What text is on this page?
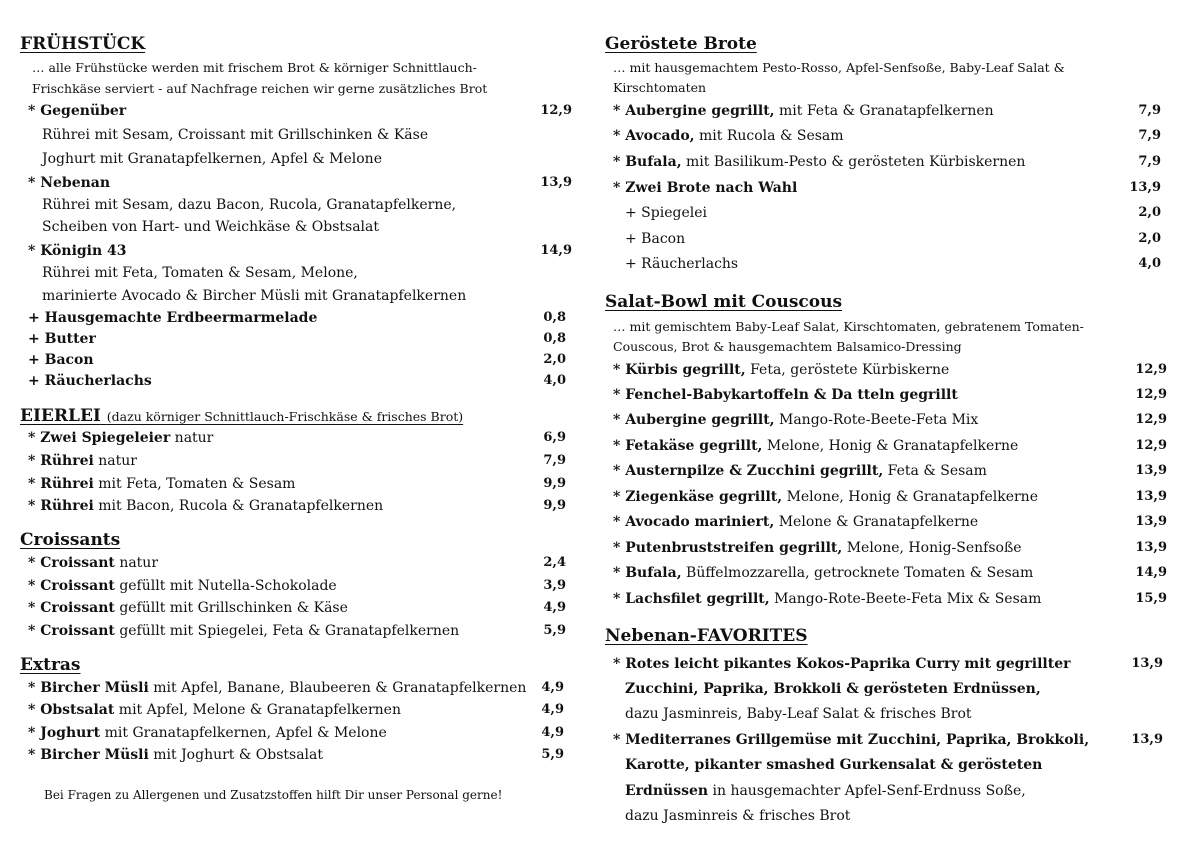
FRÜHSTÜCK
… alle Frühstücke werden mit frischem Brot & körniger Schnittlauch-
Frischkäse serviert - auf Nachfrage reichen wir gerne zusätzliches Brot
* Gegenüber	12,9
Rührei mit Sesam, Croissant mit Grillschinken & Käse
Joghurt mit Granatapfelkernen, Apfel & Melone
* Nebenan	13,9
Rührei mit Sesam, dazu Bacon, Rucola, Granatapfelkerne,
Scheiben von Hart- und Weichkäse & Obstsalat
* Königin 43	14,9
Rührei mit Feta, Tomaten & Sesam, Melone,
marinierte Avocado & Bircher Müsli mit Granatapfelkernen
+ Hausgemachte Erdbeermarmelade	0,8
+ Butter	0,8
+ Bacon	2,0
+ Räucherlachs	4,0
EIERLEI (dazu körniger Schnittlauch-Frischkäse & frisches Brot)
* Zwei Spiegeleier natur	6,9
* Rührei natur	7,9
* Rührei mit Feta, Tomaten & Sesam	9,9
* Rührei mit Bacon, Rucola & Granatapfelkernen	9,9
Croissants
* Croissant natur	2,4
* Croissant gefüllt mit Nutella-Schokolade	3,9
* Croissant gefüllt mit Grillschinken & Käse	4,9
* Croissant gefüllt mit Spiegelei, Feta & Granatapfelkernen	5,9
Extras
* Bircher Müsli mit Apfel, Banane, Blaubeeren & Granatapfelkernen 4,9
* Obstsalat mit Apfel, Melone & Granatapfelkernen	4,9
* Joghurt mit Granatapfelkernen, Apfel & Melone	4,9
* Bircher Müsli mit Joghurt & Obstsalat	5,9
Bei Fragen zu Allergenen und Zusatzstoffen hilft Dir unser Personal gerne!
Geröstete Brote
… mit hausgemachtem Pesto-Rosso, Apfel-Senfsoße, Baby-Leaf Salat &
Kirschtomaten
* Aubergine gegrillt, mit Feta & Granatapfelkernen	7,9
* Avocado, mit Rucola & Sesam	7,9
* Bufala, mit Basilikum-Pesto & gerösteten Kürbiskernen	7,9
* Zwei Brote nach Wahl	13,9
+ Spiegelei	2,0
+ Bacon	2,0
+ Räucherlachs	4,0
Salat-Bowl mit Couscous
… mit gemischtem Baby-Leaf Salat, Kirschtomaten, gebratenem Tomaten-
Couscous, Brot & hausgemachtem Balsamico-Dressing
* Kürbis gegrillt, Feta, geröstete Kürbiskerne	12,9
* Fenchel-Babykartoffeln & Da tteln gegrillt	12,9
* Aubergine gegrillt, Mango-Rote-Beete-Feta Mix	12,9
* Fetakäse gegrillt, Melone, Honig & Granatapfelkerne	12,9
* Austernpilze & Zucchini gegrillt, Feta & Sesam	13,9
* Ziegenkäse gegrillt, Melone, Honig & Granatapfelkerne	13,9
* Avocado mariniert, Melone & Granatapfelkerne	13,9
* Putenbruststreifen gegrillt, Melone, Honig-Senfsoße	13,9
* Bufala, Büffelmozzarella, getrocknete Tomaten & Sesam	14,9
* Lachsfilet gegrillt, Mango-Rote-Beete-Feta Mix & Sesam	15,9
Nebenan-FAVORITES
* Rotes leicht pikantes Kokos-Paprika Curry mit gegrillter	13,9
Zucchini, Paprika, Brokkoli & gerösteten Erdnüssen,
dazu Jasminreis, Baby-Leaf Salat & frisches Brot
* Mediterranes Grillgemüse mit Zucchini, Paprika, Brokkoli,	13,9
Karotte, pikanter smashed Gurkensalat & gerösteten
Erdnüssen in hausgemachter Apfel-Senf-Erdnuss Soße,
dazu Jasminreis & frisches Brot
